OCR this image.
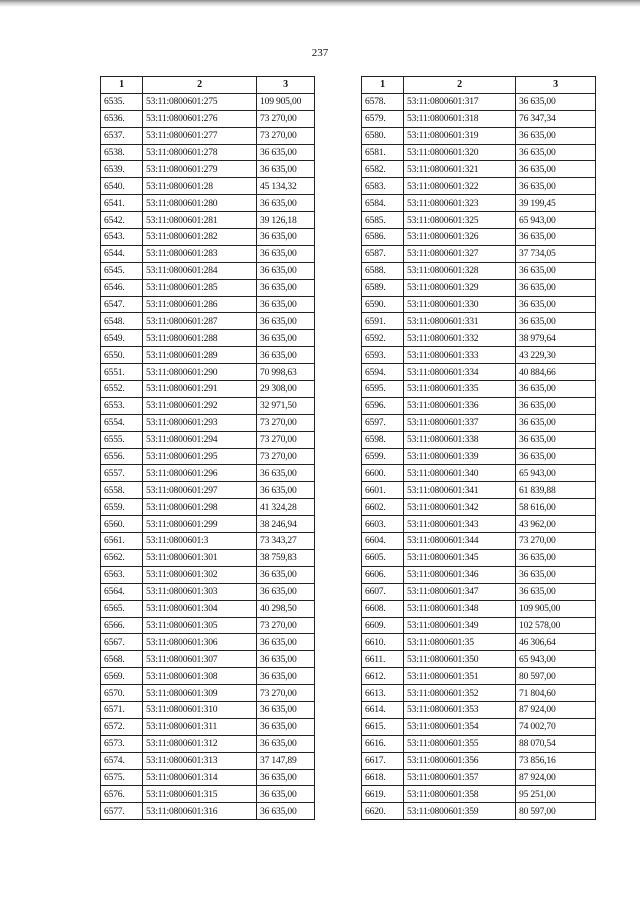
237
1	2	3
6535.	53:11:0800601:275	109 905,00
6536.	53:11:0800601:276	73 270,00
6537.	53:11:0800601:277	73 270,00
6538.	53:11:0800601:278	36 635,00
6539.	53:11:0800601:279	36 635,00
6540.	53:11:0800601:28	45 134,32
6541.	53:11:0800601:280	36 635,00
6542.	53:11:0800601:281	39 126,18
6543.	53:11:0800601:282	36 635,00
6544.	53:11:0800601:283	36 635,00
6545.	53:11:0800601:284	36 635,00
6546.	53:11:0800601:285	36 635,00
6547.	53:11:0800601:286	36 635,00
6548.	53:11:0800601:287	36 635,00
6549.	53:11:0800601:288	36 635,00
6550.	53:11:0800601:289	36 635,00
6551.	53:11:0800601:290	70 998,63
6552.	53:11:0800601:291	29 308,00
6553.	53:11:0800601:292	32 971,50
6554.	53:11:0800601:293	73 270,00
6555.	53:11:0800601:294	73 270,00
6556.	53:11:0800601:295	73 270,00
6557.	53:11:0800601:296	36 635,00
6558.	53:11:0800601:297	36 635,00
6559.	53:11:0800601:298	41 324,28
6560.	53:11:0800601:299	38 246,94
6561.	53:11:0800601:3	73 343,27
6562.	53:11:0800601:301	38 759,83
6563.	53:11:0800601:302	36 635,00
6564.	53:11:0800601:303	36 635,00
6565.	53:11:0800601:304	40 298,50
6566.	53:11:0800601:305	73 270,00
6567.	53:11:0800601:306	36 635,00
6568.	53:11:0800601:307	36 635,00
6569.	53:11:0800601:308	36 635,00
6570.	53:11:0800601:309	73 270,00
6571.	53:11:0800601:310	36 635,00
6572.	53:11:0800601:311	36 635,00
6573.	53:11:0800601:312	36 635,00
6574.	53:11:0800601:313	37 147,89
6575.	53:11:0800601:314	36 635,00
6576.	53:11:0800601:315	36 635,00
6577.	53:11:0800601:316	36 635,00
1	2	3
6578.	53:11:0800601:317	36 635,00
6579.	53:11:0800601:318	76 347,34
6580.	53:11:0800601:319	36 635,00
6581.	53:11:0800601:320	36 635,00
6582.	53:11:0800601:321	36 635,00
6583.	53:11:0800601:322	36 635,00
6584.	53:11:0800601:323	39 199,45
6585.	53:11:0800601:325	65 943,00
6586.	53:11:0800601:326	36 635,00
6587.	53:11:0800601:327	37 734,05
6588.	53:11:0800601:328	36 635,00
6589.	53:11:0800601:329	36 635,00
6590.	53:11:0800601:330	36 635,00
6591.	53:11:0800601:331	36 635,00
6592.	53:11:0800601:332	38 979,64
6593.	53:11:0800601:333	43 229,30
6594.	53:11:0800601:334	40 884,66
6595.	53:11:0800601:335	36 635,00
6596.	53:11:0800601:336	36 635,00
6597.	53:11:0800601:337	36 635,00
6598.	53:11:0800601:338	36 635,00
6599.	53:11:0800601:339	36 635,00
6600.	53:11:0800601:340	65 943,00
6601.	53:11:0800601:341	61 839,88
6602.	53:11:0800601:342	58 616,00
6603.	53:11:0800601:343	43 962,00
6604.	53:11:0800601:344	73 270,00
6605.	53:11:0800601:345	36 635,00
6606.	53:11:0800601:346	36 635,00
6607.	53:11:0800601:347	36 635,00
6608.	53:11:0800601:348	109 905,00
6609.	53:11:0800601:349	102 578,00
6610.	53:11:0800601:35	46 306,64
6611.	53:11:0800601:350	65 943,00
6612.	53:11:0800601:351	80 597,00
6613.	53:11:0800601:352	71 804,60
6614.	53:11:0800601:353	87 924,00
6615.	53:11:0800601:354	74 002,70
6616.	53:11:0800601:355	88 070,54
6617.	53:11:0800601:356	73 856,16
6618.	53:11:0800601:357	87 924,00
6619.	53:11:0800601:358	95 251,00
6620.	53:11:0800601:359	80 597,00
